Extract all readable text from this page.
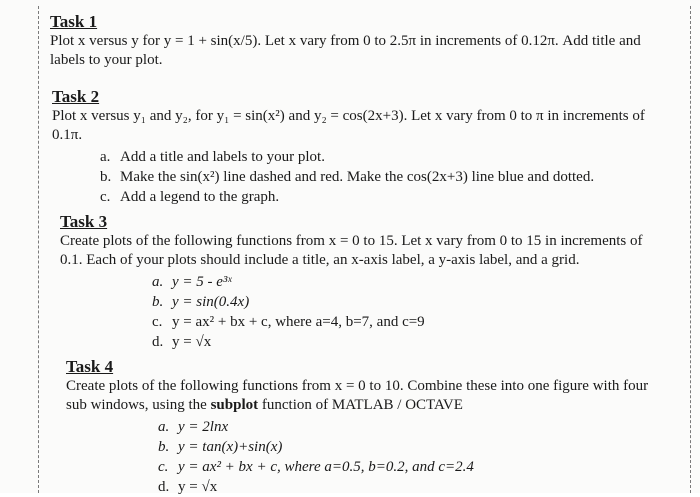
Task 1
Plot x versus y for y = 1 + sin(x/5). Let x vary from 0 to 2.5π in increments of 0.12π. Add title and
labels to your plot.
Task 2
Plot x versus y₁ and y₂, for y₁ = sin(x²) and y₂ = cos(2x+3). Let x vary from 0 to π in increments of
0.1π.
a. Add a title and labels to your plot.
b. Make the sin(x²) line dashed and red. Make the cos(2x+3) line blue and dotted.
c. Add a legend to the graph.
Task 3
Create plots of the following functions from x = 0 to 15. Let x vary from 0 to 15 in increments of
0.1. Each of your plots should include a title, an x-axis label, a y-axis label, and a grid.
a. y = 5 - e³ˣ
b. y = sin(0.4x)
c. y = ax² + bx + c, where a=4, b=7, and c=9
d. y = √x
Task 4
Create plots of the following functions from x = 0 to 10. Combine these into one figure with four
sub windows, using the subplot function of MATLAB / OCTAVE
a. y = 2lnx
b. y = tan(x)+sin(x)
c. y = ax² + bx + c, where a=0.5, b=0.2, and c=2.4
d. y = √x
